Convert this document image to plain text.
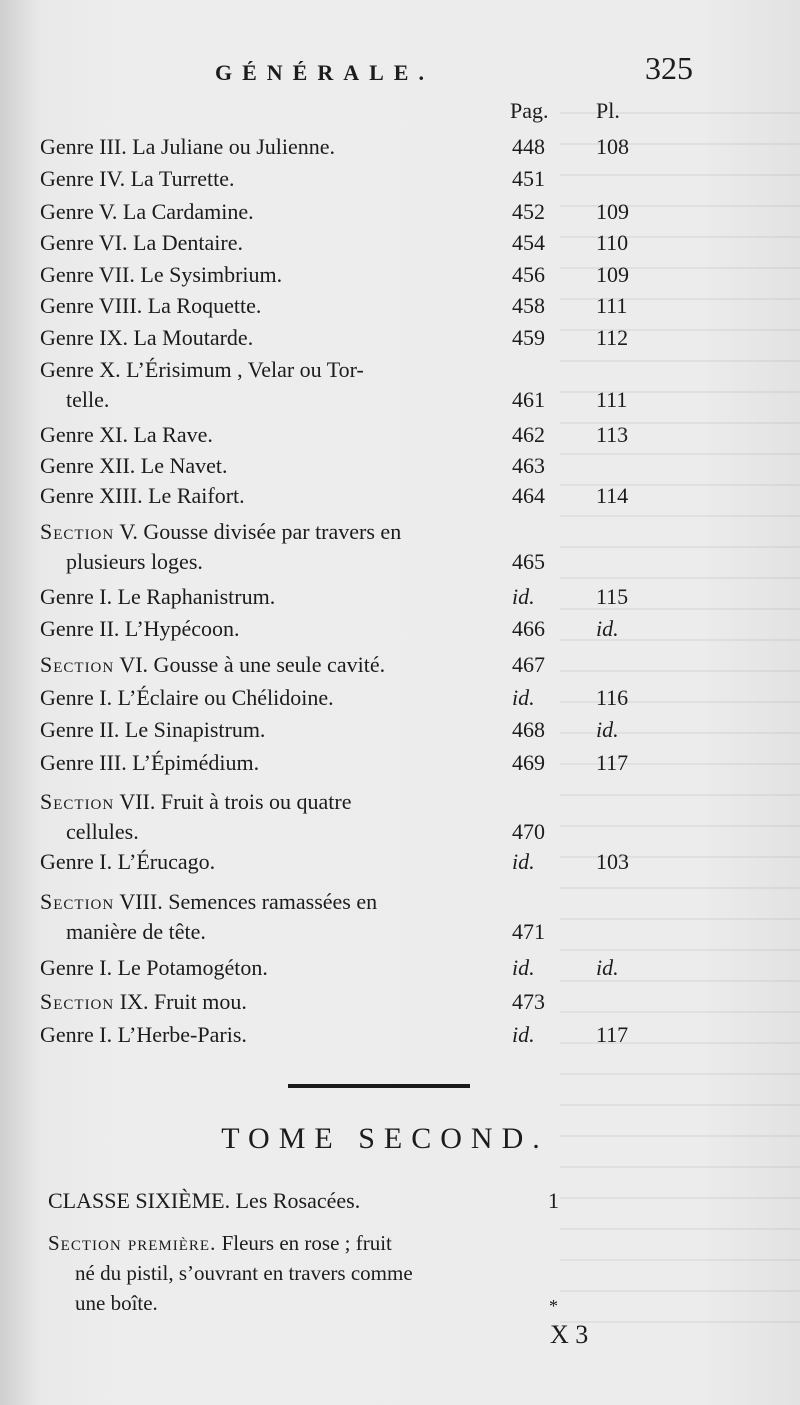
GÉNÉRALE.	325
Pag. Pl.
Genre III. La Juliane ou Julienne.	448	108
Genre IV. La Turrette.	451
Genre V. La Cardamine.	452	109
Genre VI. La Dentaire.	454	110
Genre VII. Le Sysimbrium.	456	109
Genre VIII. La Roquette.	458	111
Genre IX. La Moutarde.	459	112
Genre X. L’Érisimum , Velar ou Tor-
telle.	461	111
Genre XI. La Rave.	462	113
Genre XII. Le Navet.	463
Genre XIII. Le Raifort.	464	114
Section V. Gousse divisée par travers en
plusieurs loges.	465
Genre I. Le Raphanistrum.	id.	115
Genre II. L’Hypécoon.	466	id.
Section VI. Gousse à une seule cavité.	467
Genre I. L’Éclaire ou Chélidoine.	id.	116
Genre II. Le Sinapistrum.	468	id.
Genre III. L’Épimédium.	469	117
Section VII. Fruit à trois ou quatre
cellules.	470
Genre I. L’Érucago.	id.	103
Section VIII. Semences ramassées en
manière de tête.	471
Genre I. Le Potamogéton.	id.	id.
Section IX. Fruit mou.	473
Genre I. L’Herbe-Paris.	id.	117
TOME SECOND.
CLASSE SIXIÈME. Les Rosacées.	1
Section première. Fleurs en rose ; fruit
né du pistil, s’ouvrant en travers comme
une boîte.	*
X 3
